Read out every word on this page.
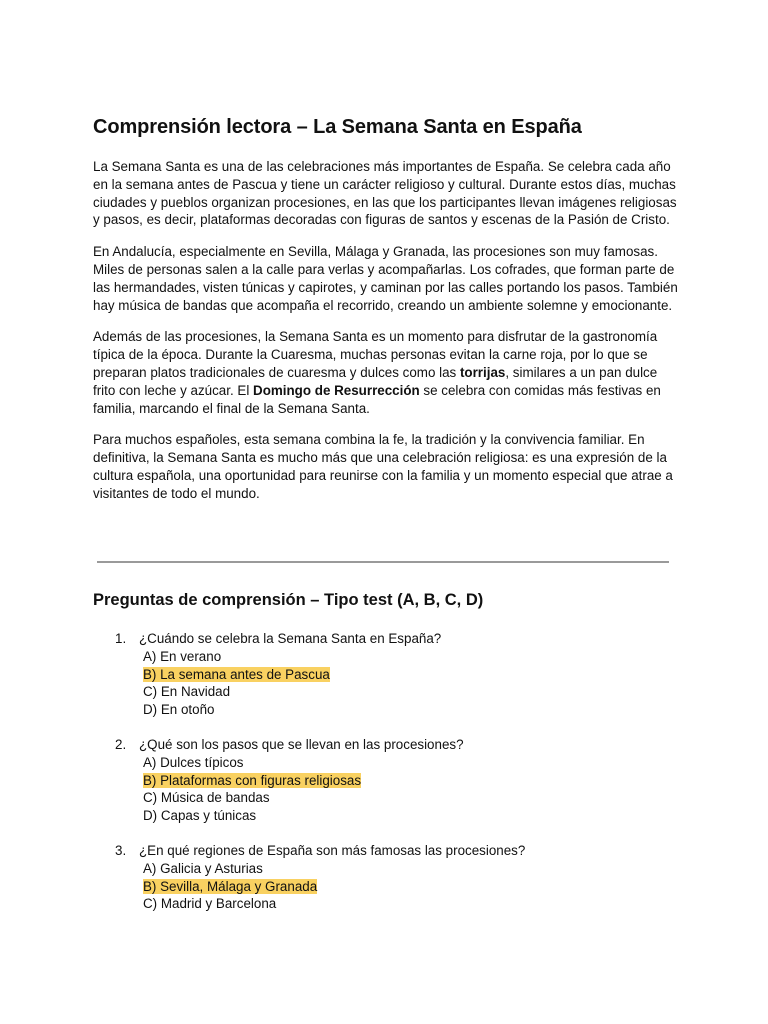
Comprensión lectora – La Semana Santa en España

La Semana Santa es una de las celebraciones más importantes de España. Se celebra cada año en la semana antes de Pascua y tiene un carácter religioso y cultural. Durante estos días, muchas ciudades y pueblos organizan procesiones, en las que los participantes llevan imágenes religiosas y pasos, es decir, plataformas decoradas con figuras de santos y escenas de la Pasión de Cristo.

En Andalucía, especialmente en Sevilla, Málaga y Granada, las procesiones son muy famosas. Miles de personas salen a la calle para verlas y acompañarlas. Los cofrades, que forman parte de las hermandades, visten túnicas y capirotes, y caminan por las calles portando los pasos. También hay música de bandas que acompaña el recorrido, creando un ambiente solemne y emocionante.

Además de las procesiones, la Semana Santa es un momento para disfrutar de la gastronomía típica de la época. Durante la Cuaresma, muchas personas evitan la carne roja, por lo que se preparan platos tradicionales de cuaresma y dulces como las torrijas, similares a un pan dulce frito con leche y azúcar. El Domingo de Resurrección se celebra con comidas más festivas en familia, marcando el final de la Semana Santa.

Para muchos españoles, esta semana combina la fe, la tradición y la convivencia familiar. En definitiva, la Semana Santa es mucho más que una celebración religiosa: es una expresión de la cultura española, una oportunidad para reunirse con la familia y un momento especial que atrae a visitantes de todo el mundo.

Preguntas de comprensión – Tipo test (A, B, C, D)
1. ¿Cuándo se celebra la Semana Santa en España?
A) En verano
B) La semana antes de Pascua
C) En Navidad
D) En otoño
2. ¿Qué son los pasos que se llevan en las procesiones?
A) Dulces típicos
B) Plataformas con figuras religiosas
C) Música de bandas
D) Capas y túnicas
3. ¿En qué regiones de España son más famosas las procesiones?
A) Galicia y Asturias
B) Sevilla, Málaga y Granada
C) Madrid y Barcelona
